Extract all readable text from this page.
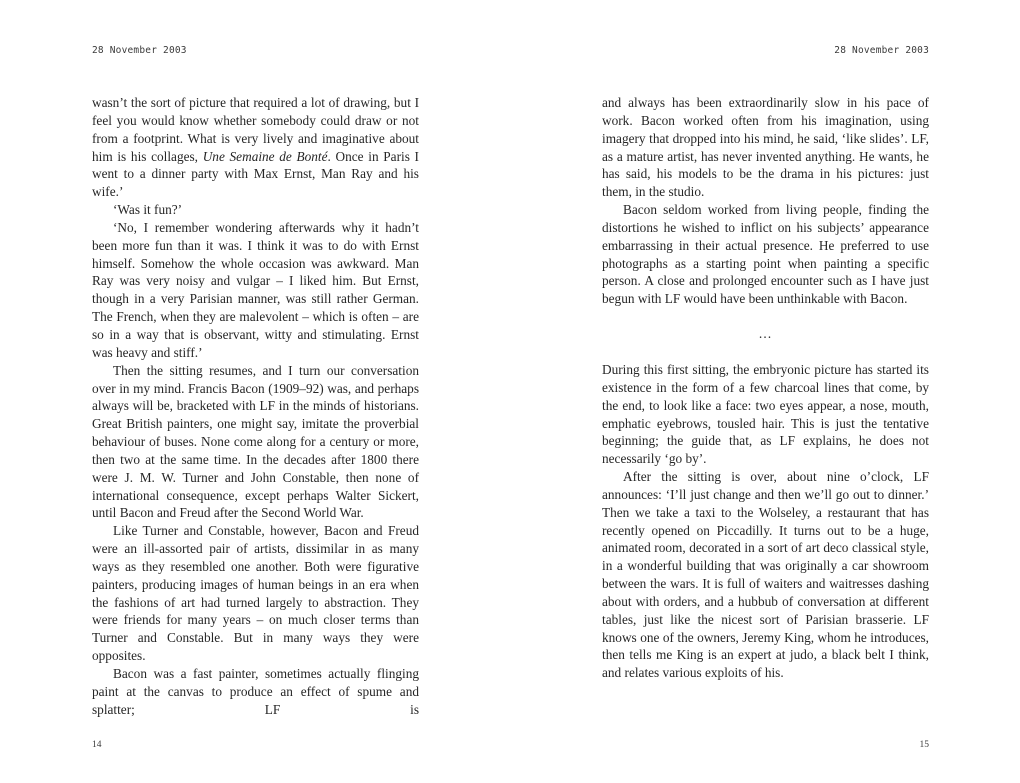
28 November 2003

wasn’t the sort of picture that required a lot of drawing, but I feel you would know whether somebody could draw or not from a footprint. What is very lively and imaginative about him is his collages, Une Semaine de Bonté. Once in Paris I went to a dinner party with Max Ernst, Man Ray and his wife.’

‘Was it fun?’

‘No, I remember wondering afterwards why it hadn’t been more fun than it was. I think it was to do with Ernst himself. Somehow the whole occasion was awkward. Man Ray was very noisy and vulgar – I liked him. But Ernst, though in a very Parisian manner, was still rather German. The French, when they are malevolent – which is often – are so in a way that is observant, witty and stimulating. Ernst was heavy and stiff.’

Then the sitting resumes, and I turn our conversation over in my mind. Francis Bacon (1909–92) was, and perhaps always will be, bracketed with LF in the minds of historians. Great British painters, one might say, imitate the proverbial behaviour of buses. None come along for a century or more, then two at the same time. In the decades after 1800 there were J. M. W. Turner and John Constable, then none of international consequence, except perhaps Walter Sickert, until Bacon and Freud after the Second World War.

Like Turner and Constable, however, Bacon and Freud were an ill-assorted pair of artists, dissimilar in as many ways as they resembled one another. Both were figurative painters, producing images of human beings in an era when the fashions of art had turned largely to abstraction. They were friends for many years – on much closer terms than Turner and Constable. But in many ways they were opposites.

Bacon was a fast painter, sometimes actually flinging paint at the canvas to produce an effect of spume and splatter; LF is

14
28 November 2003

and always has been extraordinarily slow in his pace of work. Bacon worked often from his imagination, using imagery that dropped into his mind, he said, ‘like slides’. LF, as a mature artist, has never invented anything. He wants, he has said, his models to be the drama in his pictures: just them, in the studio.

Bacon seldom worked from living people, finding the distortions he wished to inflict on his subjects’ appearance embarrassing in their actual presence. He preferred to use photographs as a starting point when painting a specific person. A close and prolonged encounter such as I have just begun with LF would have been unthinkable with Bacon.

…

During this first sitting, the embryonic picture has started its existence in the form of a few charcoal lines that come, by the end, to look like a face: two eyes appear, a nose, mouth, emphatic eyebrows, tousled hair. This is just the tentative beginning; the guide that, as LF explains, he does not necessarily ‘go by’.

After the sitting is over, about nine o’clock, LF announces: ‘I’ll just change and then we’ll go out to dinner.’ Then we take a taxi to the Wolseley, a restaurant that has recently opened on Piccadilly. It turns out to be a huge, animated room, decorated in a sort of art deco classical style, in a wonderful building that was originally a car showroom between the wars. It is full of waiters and waitresses dashing about with orders, and a hubbub of conversation at different tables, just like the nicest sort of Parisian brasserie. LF knows one of the owners, Jeremy King, whom he introduces, then tells me King is an expert at judo, a black belt I think, and relates various exploits of his.

15
